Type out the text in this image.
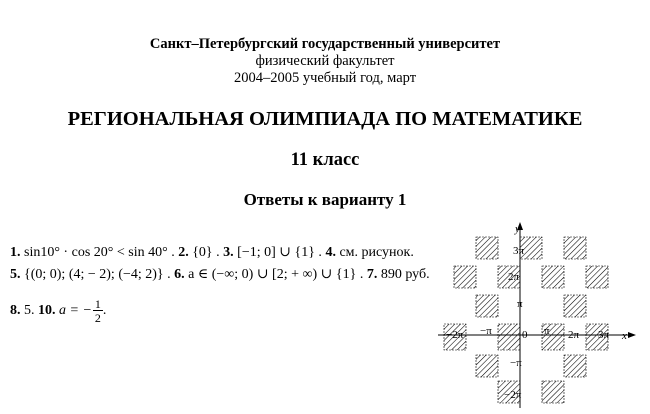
Санкт–Петербургский государственный университет
физический факультет
2004–2005 учебный год, март
РЕГИОНАЛЬНАЯ ОЛИМПИАДА ПО МАТЕМАТИКЕ
11 класс
Ответы к варианту 1
1. sin10° · cos 20° < sin 40° . 2. {0} . 3. [−1; 0] ∪ {1} . 4. см. рисунок.
5. {(0; 0); (4; − 2); (−4; 2)} . 6. a ∈ (−∞; 0) ∪ [2; + ∞) ∪ {1} . 7. 890 руб.
8. 5. 10. a = − $\frac{1}{2}$ .
x
y
3π
2π
π
−π
−2π
−2π −π	0 π 2π 3π
